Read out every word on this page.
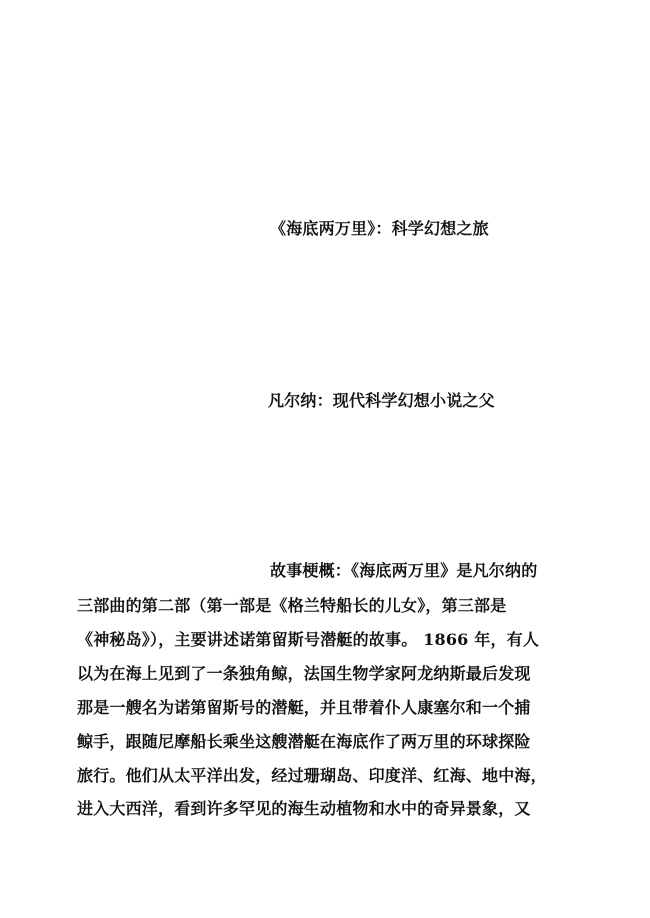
《海底两万里》：科学幻想之旅
凡尔纳：现代科学幻想小说之父
故事梗概：《海底两万里》是凡尔纳的
三部曲的第二部（第一部是《格兰特船长的儿女》，第三部是
《神秘岛》），主要讲述诺第留斯号潜艇的故事。 1866 年，有人
以为在海上见到了一条独角鲸，法国生物学家阿龙纳斯最后发现
那是一艘名为诺第留斯号的潜艇，并且带着仆人康塞尔和一个捕
鲸手，跟随尼摩船长乘坐这艘潜艇在海底作了两万里的环球探险
旅行。他们从太平洋出发，经过珊瑚岛、印度洋、红海、地中海，
进入大西洋，看到许多罕见的海生动植物和水中的奇异景象，又
